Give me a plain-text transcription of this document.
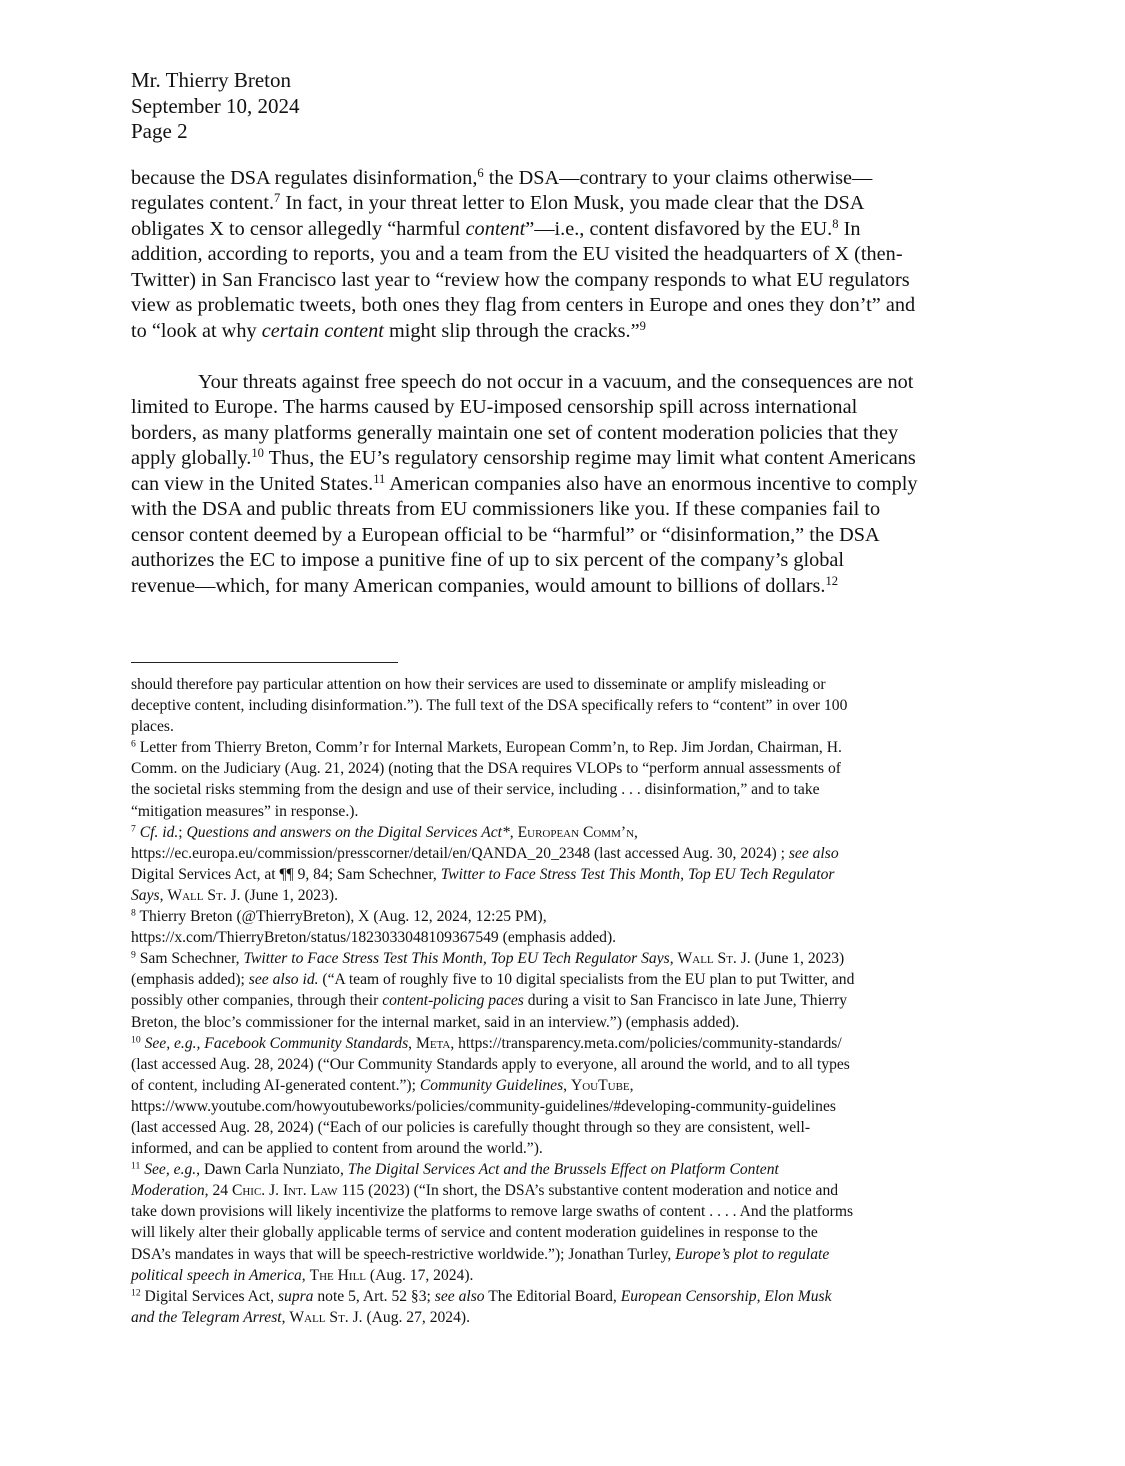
Mr. Thierry Breton
September 10, 2024
Page 2
because the DSA regulates disinformation,$^6$ the DSA—contrary to your claims otherwise—
regulates content.$^7$ In fact, in your threat letter to Elon Musk, you made clear that the DSA
obligates X to censor allegedly “harmful content”—i.e., content disfavored by the EU.$^8$ In
addition, according to reports, you and a team from the EU visited the headquarters of X (then-
Twitter) in San Francisco last year to “review how the company responds to what EU regulators
view as problematic tweets, both ones they flag from centers in Europe and ones they don’t” and
to “look at why certain content might slip through the cracks.”$^9$
Your threats against free speech do not occur in a vacuum, and the consequences are not
limited to Europe. The harms caused by EU-imposed censorship spill across international
borders, as many platforms generally maintain one set of content moderation policies that they
apply globally.$^{10}$ Thus, the EU’s regulatory censorship regime may limit what content Americans
can view in the United States.$^{11}$ American companies also have an enormous incentive to comply
with the DSA and public threats from EU commissioners like you. If these companies fail to
censor content deemed by a European official to be “harmful” or “disinformation,” the DSA
authorizes the EC to impose a punitive fine of up to six percent of the company’s global
revenue—which, for many American companies, would amount to billions of dollars.$^{12}$
should therefore pay particular attention on how their services are used to disseminate or amplify misleading or
deceptive content, including disinformation.”). The full text of the DSA specifically refers to “content” in over 100
places.
$^6$ Letter from Thierry Breton, Comm’r for Internal Markets, European Comm’n, to Rep. Jim Jordan, Chairman, H.
Comm. on the Judiciary (Aug. 21, 2024) (noting that the DSA requires VLOPs to “perform annual assessments of
the societal risks stemming from the design and use of their service, including . . . disinformation,” and to take
“mitigation measures” in response.).
$^7$ Cf. id.; Questions and answers on the Digital Services Act*, European Comm’n,
https://ec.europa.eu/commission/presscorner/detail/en/QANDA_20_2348 (last accessed Aug. 30, 2024) ; see also
Digital Services Act, at ¶¶ 9, 84; Sam Schechner, Twitter to Face Stress Test This Month, Top EU Tech Regulator
Says, Wall St. J. (June 1, 2023).
$^8$ Thierry Breton (@ThierryBreton), X (Aug. 12, 2024, 12:25 PM),
https://x.com/ThierryBreton/status/1823033048109367549 (emphasis added).
$^9$ Sam Schechner, Twitter to Face Stress Test This Month, Top EU Tech Regulator Says, Wall St. J. (June 1, 2023)
(emphasis added); see also id. (“A team of roughly five to 10 digital specialists from the EU plan to put Twitter, and
possibly other companies, through their content-policing paces during a visit to San Francisco in late June, Thierry
Breton, the bloc’s commissioner for the internal market, said in an interview.”) (emphasis added).
$^{10}$ See, e.g., Facebook Community Standards, Meta, https://transparency.meta.com/policies/community-standards/
(last accessed Aug. 28, 2024) (“Our Community Standards apply to everyone, all around the world, and to all types
of content, including AI-generated content.”); Community Guidelines, YouTube,
https://www.youtube.com/howyoutubeworks/policies/community-guidelines/#developing-community-guidelines
(last accessed Aug. 28, 2024) (“Each of our policies is carefully thought through so they are consistent, well-
informed, and can be applied to content from around the world.”).
$^{11}$ See, e.g., Dawn Carla Nunziato, The Digital Services Act and the Brussels Effect on Platform Content
Moderation, 24 Chic. J. Int. Law 115 (2023) (“In short, the DSA’s substantive content moderation and notice and
take down provisions will likely incentivize the platforms to remove large swaths of content . . . . And the platforms
will likely alter their globally applicable terms of service and content moderation guidelines in response to the
DSA’s mandates in ways that will be speech-restrictive worldwide.”); Jonathan Turley, Europe’s plot to regulate
political speech in America, The Hill (Aug. 17, 2024).
$^{12}$ Digital Services Act, supra note 5, Art. 52 §3; see also The Editorial Board, European Censorship, Elon Musk
and the Telegram Arrest, Wall St. J. (Aug. 27, 2024).
